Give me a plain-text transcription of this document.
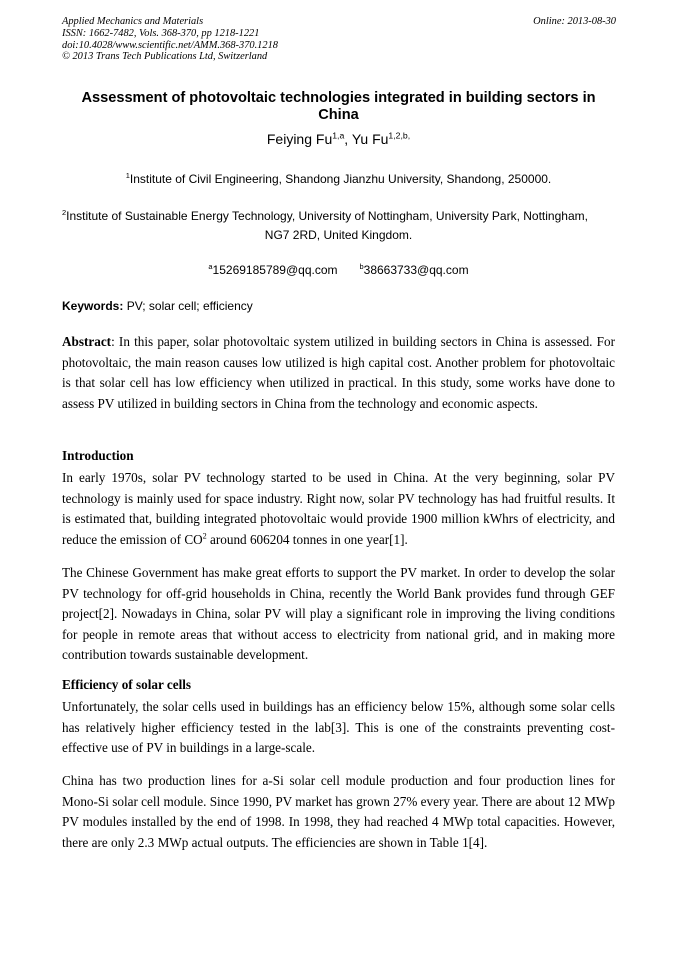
Applied Mechanics and Materials
ISSN: 1662-7482, Vols. 368-370, pp 1218-1221
doi:10.4028/www.scientific.net/AMM.368-370.1218
© 2013 Trans Tech Publications Ltd, Switzerland
Online: 2013-08-30
Assessment of photovoltaic technologies integrated in building sectors in China
Feiying Fu$^{1,a}$, Yu $Fu^{1,2,b,}$
$^1$Institute of Civil Engineering, Shandong Jianzhu University, Shandong, 250000.
$^2$Institute of Sustainable Energy Technology, University of Nottingham, University Park, Nottingham,
NG7 2RD, United Kingdom.
$^a$15269185789@qq.com	$^b$38663733@qq.com
Keywords: PV; solar cell; efficiency
Abstract: In this paper, solar photovoltaic system utilized in building sectors in China is assessed. For photovoltaic, the main reason causes low utilized is high capital cost. Another problem for photovoltaic is that solar cell has low efficiency when utilized in practical. In this study, some works have done to assess PV utilized in building sectors in China from the technology and economic aspects.
Introduction
In early 1970s, solar PV technology started to be used in China. At the very beginning, solar PV technology is mainly used for space industry. Right now, solar PV technology has had fruitful results. It is estimated that, building integrated photovoltaic would provide 1900 million kWhrs of electricity, and reduce the emission of $CO^2$ around 606204 tonnes in one year[1].
The Chinese Government has make great efforts to support the PV market. In order to develop the solar PV technology for off-grid households in China, recently the World Bank provides fund through GEF project[2]. Nowadays in China, solar PV will play a significant role in improving the living conditions for people in remote areas that without access to electricity from national grid, and in making more contribution towards sustainable development.
Efficiency of solar cells
Unfortunately, the solar cells used in buildings has an efficiency below 15%, although some solar cells has relatively higher efficiency tested in the lab[3]. This is one of the constraints preventing cost-effective use of PV in buildings in a large-scale.
China has two production lines for a-Si solar cell module production and four production lines for Mono-Si solar cell module. Since 1990, PV market has grown 27% every year. There are about 12 MWp PV modules installed by the end of 1998. In 1998, they had reached 4 MWp total capacities. However, there are only 2.3 MWp actual outputs. The efficiencies are shown in Table 1[4].
